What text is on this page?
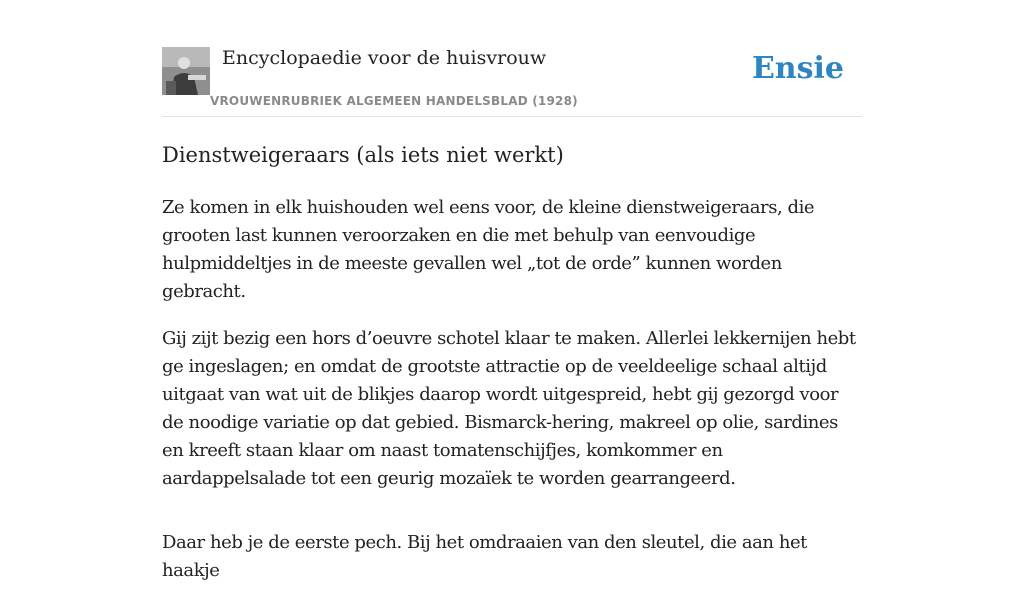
Encyclopaedie voor de huisvrouw
VROUWENRUBRIEK ALGEMEEN HANDELSBLAD (1928)
Ensie
Dienstweigeraars (als iets niet werkt)

Ze komen in elk huishouden wel eens voor, de kleine dienstweigeraars, die grooten last kunnen veroorzaken en die met behulp van eenvoudige hulpmiddeltjes in de meeste gevallen wel „tot de orde” kunnen worden gebracht.

Gij zijt bezig een hors d’oeuvre schotel klaar te maken. Allerlei lekkernijen hebt ge ingeslagen; en omdat de grootste attractie op de veeldeelige schaal altijd uitgaat van wat uit de blikjes daarop wordt uitgespreid, hebt gij gezorgd voor de noodige variatie op dat gebied. Bismarck-hering, makreel op olie, sardines en kreeft staan klaar om naast tomatenschijfjes, komkommer en aardappelsalade tot een geurig mozaïek te worden gearrangeerd.

Daar heb je de eerste pech. Bij het omdraaien van den sleutel, die aan het haakje
